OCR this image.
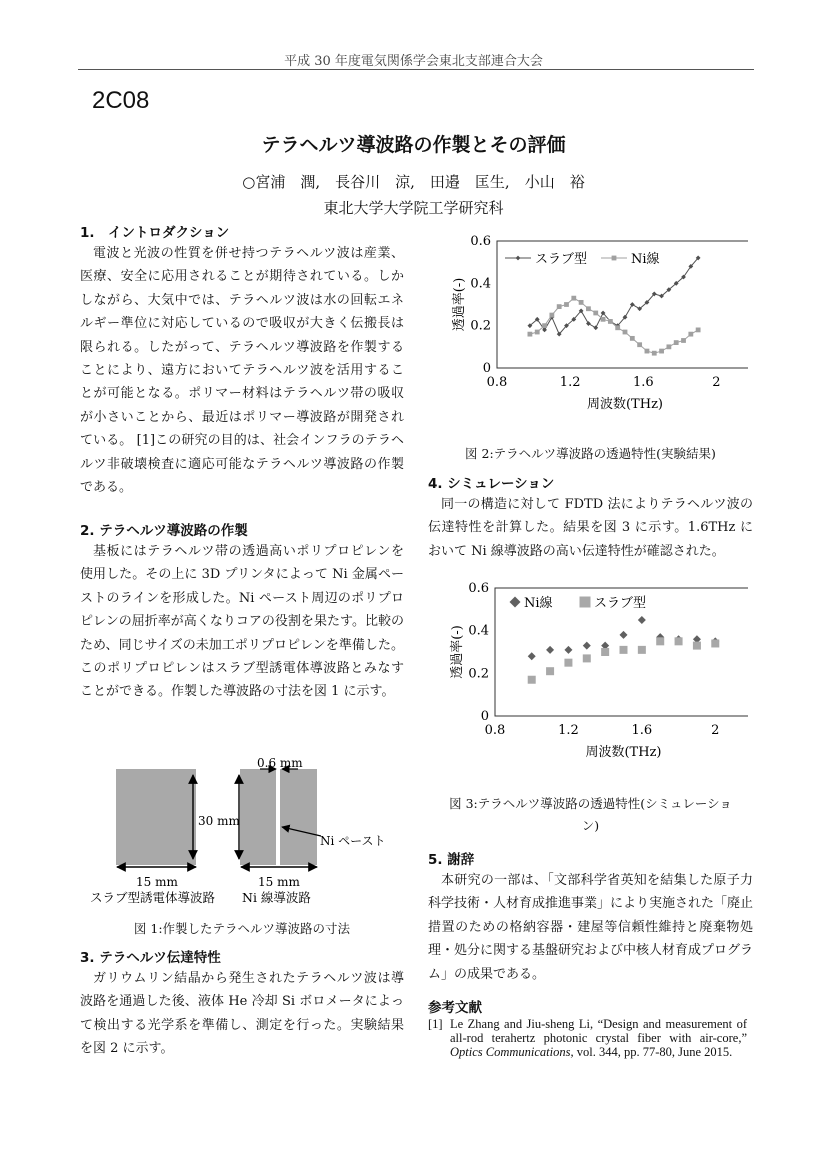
平成 30 年度電気関係学会東北支部連合大会
2C08
テラヘルツ導波路の作製とその評価
○宮浦　潤,　長谷川　涼,　田邉　匡生,　小山　裕
東北大学大学院工学研究科
1.　イントロダクション
電波と光波の性質を併せ持つテラヘルツ波は産業、医療、安全に応用されることが期待されている。しかしながら、大気中では、テラヘルツ波は水の回転エネルギー準位に対応しているので吸収が大きく伝搬長は限られる。したがって、テラヘルツ導波路を作製することにより、遠方においてテラヘルツ波を活用することが可能となる。ポリマー材料はテラヘルツ帯の吸収が小さいことから、最近はポリマー導波路が開発されている。 [1]この研究の目的は、社会インフラのテラヘルツ非破壊検査に適応可能なテラヘルツ導波路の作製である。
2. テラヘルツ導波路の作製
基板にはテラヘルツ帯の透過高いポリプロピレンを使用した。その上に 3D プリンタによって Ni 金属ペーストのラインを形成した。Ni ペースト周辺のポリプロピレンの屈折率が高くなりコアの役割を果たす。比較のため、同じサイズの未加工ポリプロピレンを準備した。このポリプロピレンはスラブ型誘電体導波路とみなすことができる。作製した導波路の寸法を図 1 に示す。
0.6 mm
30 mm
15 mm	15 mm
Ni ペースト
スラブ型誘電体導波路 Ni 線導波路
図 1:作製したテラヘルツ導波路の寸法
3. テラヘルツ伝達特性
ガリウムリン結晶から発生されたテラヘルツ波は導波路を通過した後、液体 He 冷却 Si ボロメータによって検出する光学系を準備し、測定を行った。実験結果を図 2 に示す。
0
0.2
0.4
0.6
0.8	1.2	1.6	2
周波数(THz)
透過率(-)
スラブ型	Ni線
図 2:テラヘルツ導波路の透過特性(実験結果)
4. シミュレーション
同一の構造に対して FDTD 法によりテラヘルツ波の伝達特性を計算した。結果を図 3 に示す。1.6THz において Ni 線導波路の高い伝達特性が確認された。
0
0.2
0.4
0.6
0.8	1.2	1.6	2
周波数(THz)
透過率(-)
Ni線	スラブ型
図 3:テラヘルツ導波路の透過特性(シミュレーショ
ン)
5. 謝辞
本研究の一部は、「文部科学省英知を結集した原子力科学技術・人材育成推進事業」により実施された「廃止措置のための格納容器・建屋等信頼性維持と廃棄物処理・処分に関する基盤研究および中核人材育成プログラム」の成果である。
参考文献
[1] Le Zhang and Jiu-sheng Li, “Design and measurement of all-rod terahertz photonic crystal fiber with air-core,” Optics Communications, vol. 344, pp. 77-80, June 2015.
